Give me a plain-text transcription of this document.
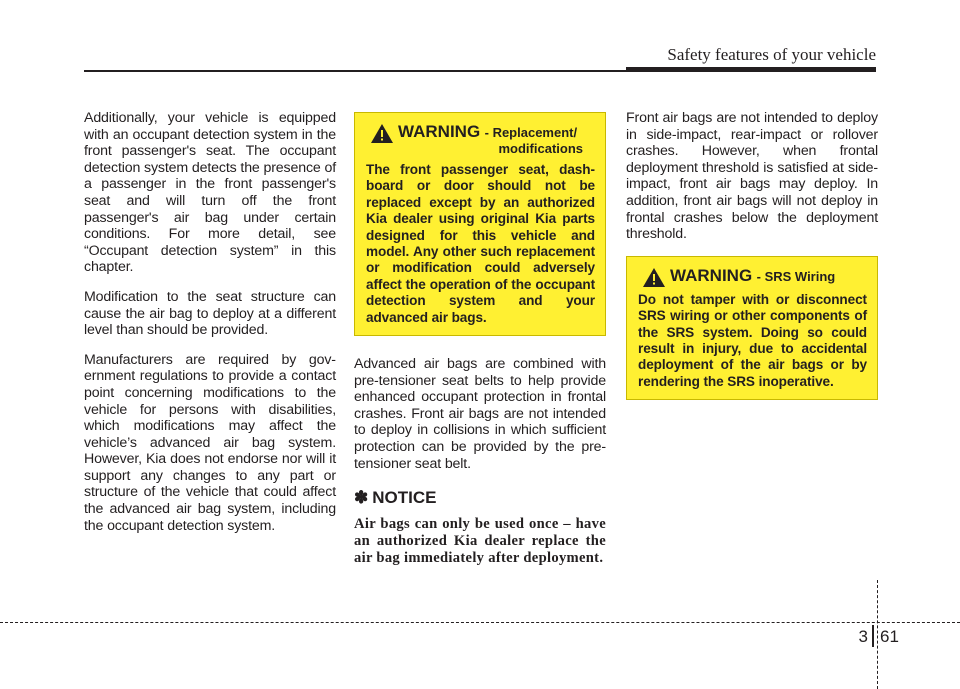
Safety features of your vehicle

Additionally, your vehicle is equipped with an occupant detection system in the front passenger's seat. The occupant detection system detects the presence of a passenger in the front passenger's seat and will turn off the front passenger's air bag under certain conditions. For more detail, see “Occupant detection system” in this chapter.

Modification to the seat structure can cause the air bag to deploy at a different level than should be provided.

Manufacturers are required by government regulations to provide a contact point concerning modifications to the vehicle for persons with disabilities, which modifications may affect the vehicle’s advanced air bag system. However, Kia does not endorse nor will it support any changes to any part or structure of the vehicle that could affect the advanced air bag system, including the occupant detection system.

WARNING - Replacement/
modifications

The front passenger seat, dashboard or door should not be replaced except by an authorized Kia dealer using original Kia parts designed for this vehicle and model. Any other such replacement or modification could adversely affect the operation of the occupant detection system and your advanced air bags.

Advanced air bags are combined with pre-tensioner seat belts to help provide enhanced occupant protection in frontal crashes. Front air bags are not intended to deploy in collisions in which sufficient protection can be provided by the pre-tensioner seat belt.

✽ NOTICE

Air bags can only be used once – have an authorized Kia dealer replace the air bag immediately after deployment.

Front air bags are not intended to deploy in side-impact, rear-impact or rollover crashes. However, when frontal deployment threshold is satisfied at side-impact, front air bags may deploy. In addition, front air bags will not deploy in frontal crashes below the deployment threshold.

WARNING - SRS Wiring

Do not tamper with or disconnect SRS wiring or other components of the SRS system. Doing so could result in injury, due to accidental deployment of the air bags or by rendering the SRS inoperative.

3 61
